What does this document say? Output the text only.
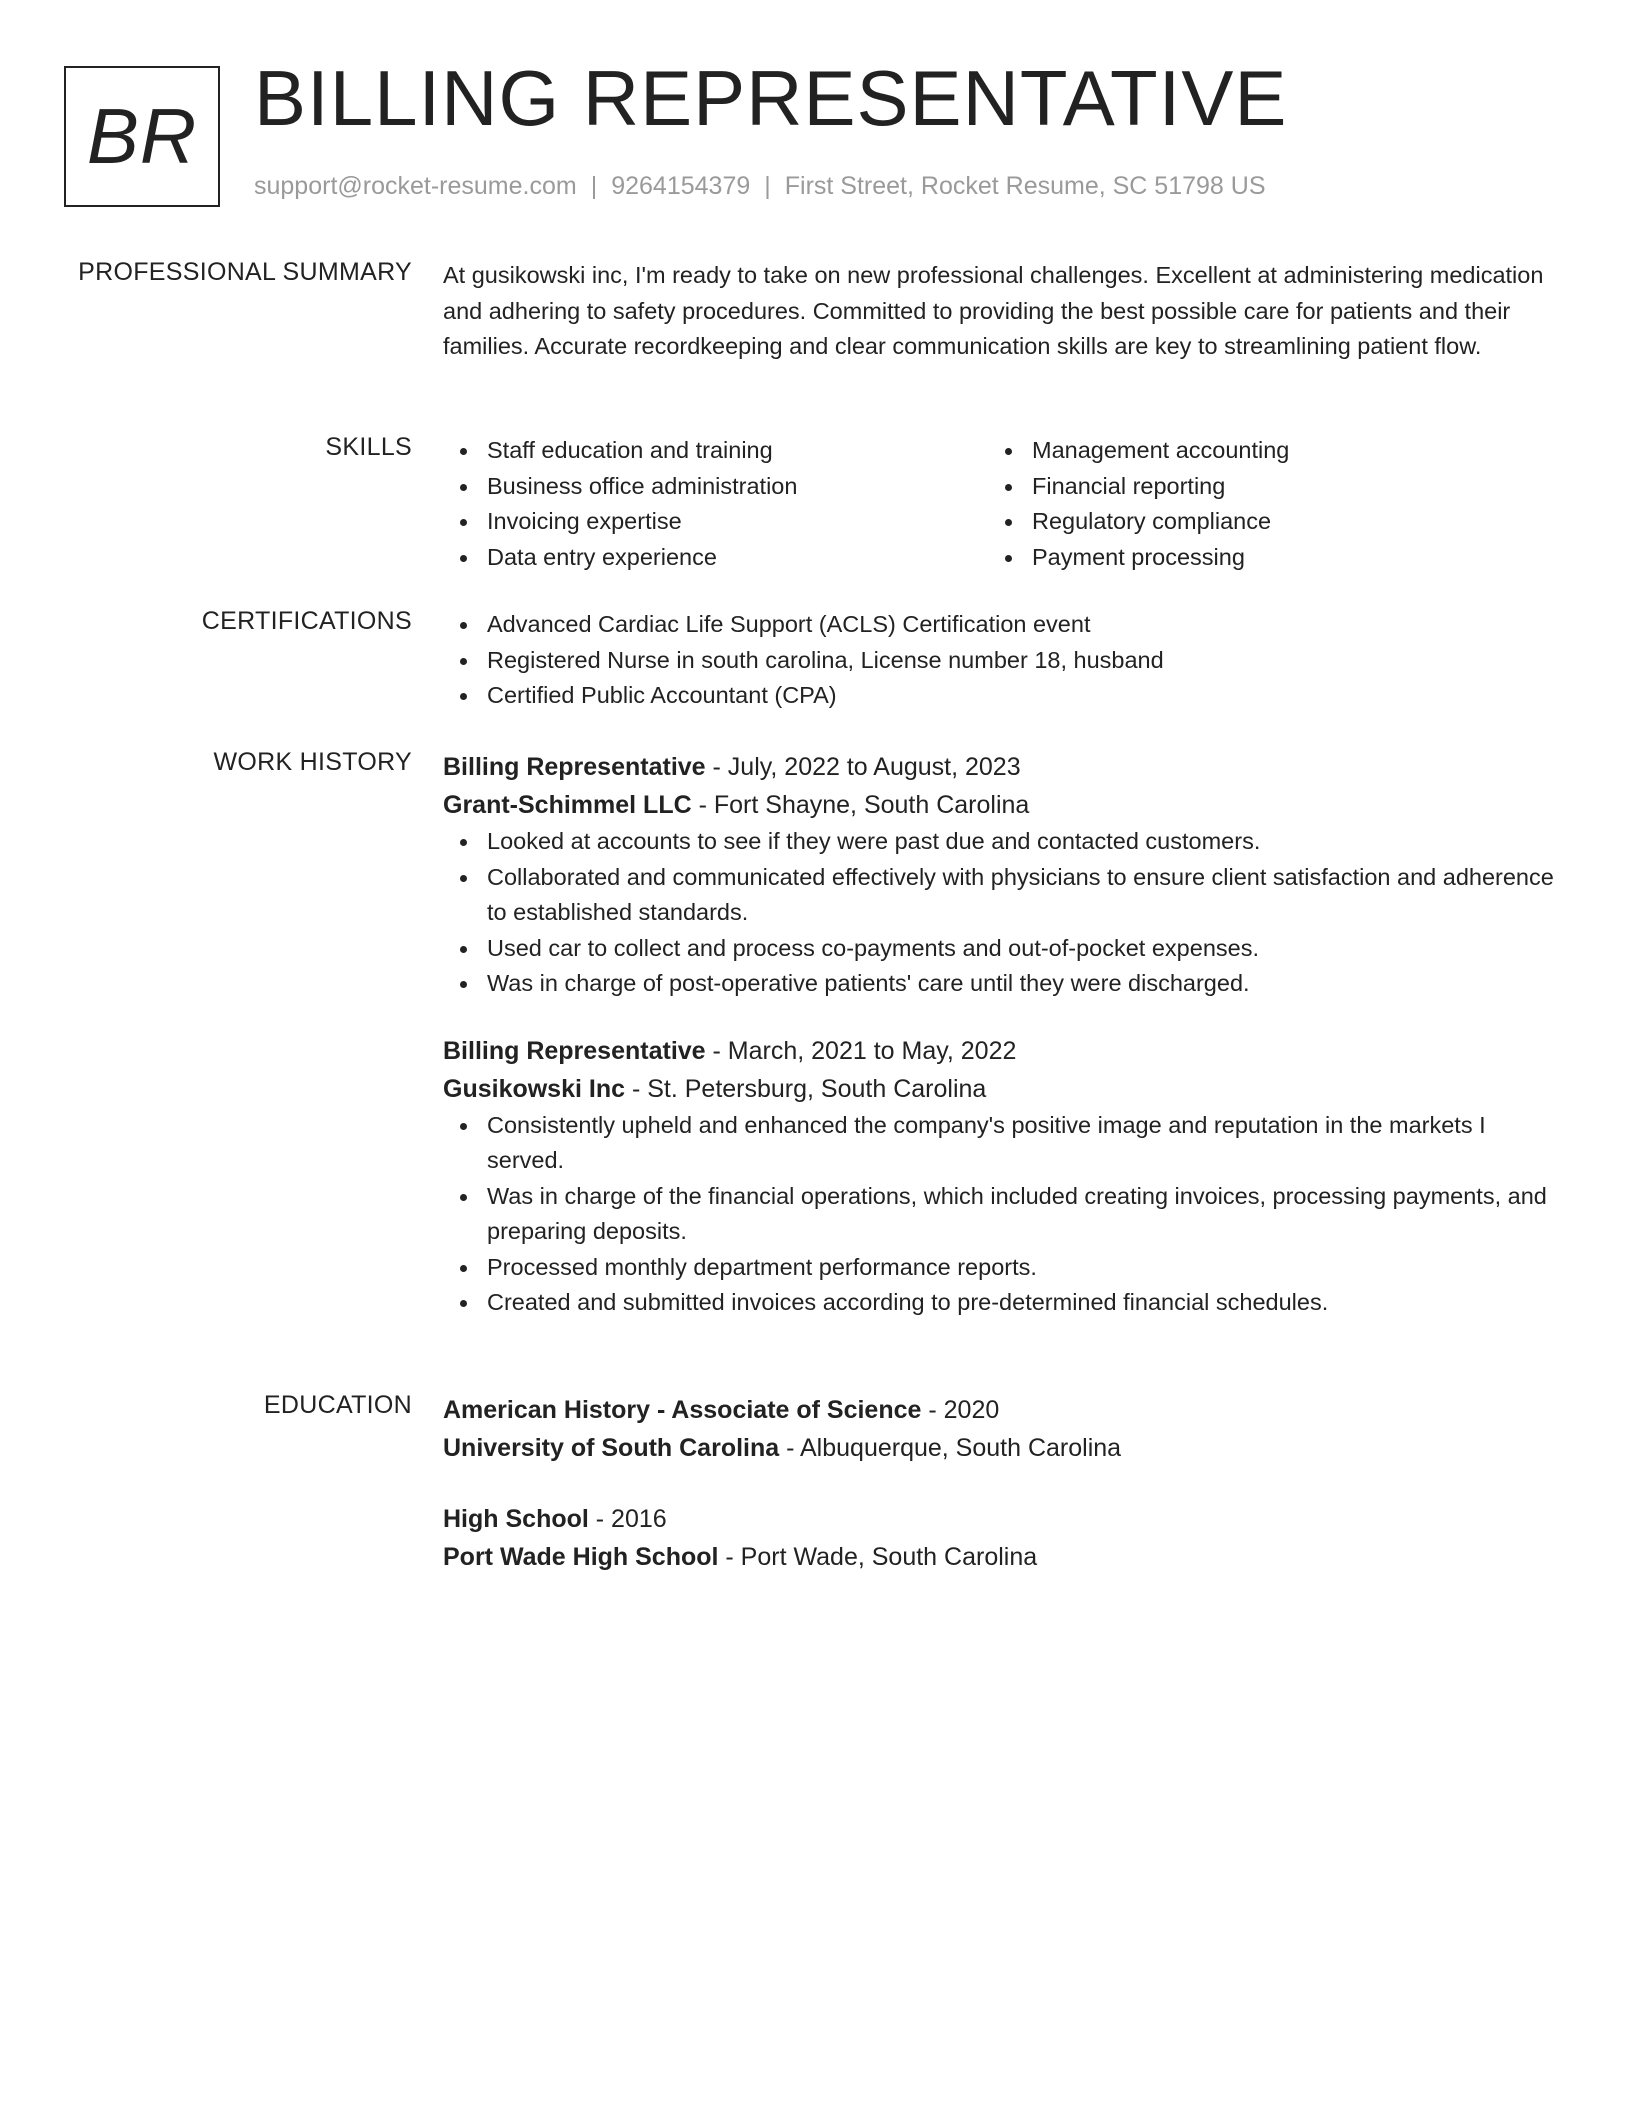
BR BILLING REPRESENTATIVE
support@rocket-resume.com | 9264154379 | First Street, Rocket Resume, SC 51798 US
PROFESSIONAL SUMMARY At gusikowski inc, I'm ready to take on new professional challenges. Excellent at administering medication and adhering to safety procedures. Committed to providing the best possible care for patients and their families. Accurate recordkeeping and clear communication skills are key to streamlining patient flow.

SKILLS	Staff education and training
Business office administration
Invoicing expertise
Data entry experience
Management accounting
Financial reporting
Regulatory compliance
Payment processing
CERTIFICATIONS	Advanced Cardiac Life Support (ACLS) Certification event
Registered Nurse in south carolina, License number 18, husband
Certified Public Accountant (CPA)
WORK HISTORY Billing Representative - July, 2022 to August, 2023
Grant-Schimmel LLC - Fort Shayne, South Carolina
Looked at accounts to see if they were past due and contacted customers.
Collaborated and communicated effectively with physicians to ensure client satisfaction and adherence to established standards.
Used car to collect and process co-payments and out-of-pocket expenses.
Was in charge of post-operative patients' care until they were discharged.
Billing Representative - March, 2021 to May, 2022
Gusikowski Inc - St. Petersburg, South Carolina
Consistently upheld and enhanced the company's positive image and reputation in the markets I served.
Was in charge of the financial operations, which included creating invoices, processing payments, and preparing deposits.
Processed monthly department performance reports.
Created and submitted invoices according to pre-determined financial schedules.
EDUCATION American History - Associate of Science - 2020
University of South Carolina - Albuquerque, South Carolina
High School - 2016
Port Wade High School - Port Wade, South Carolina
